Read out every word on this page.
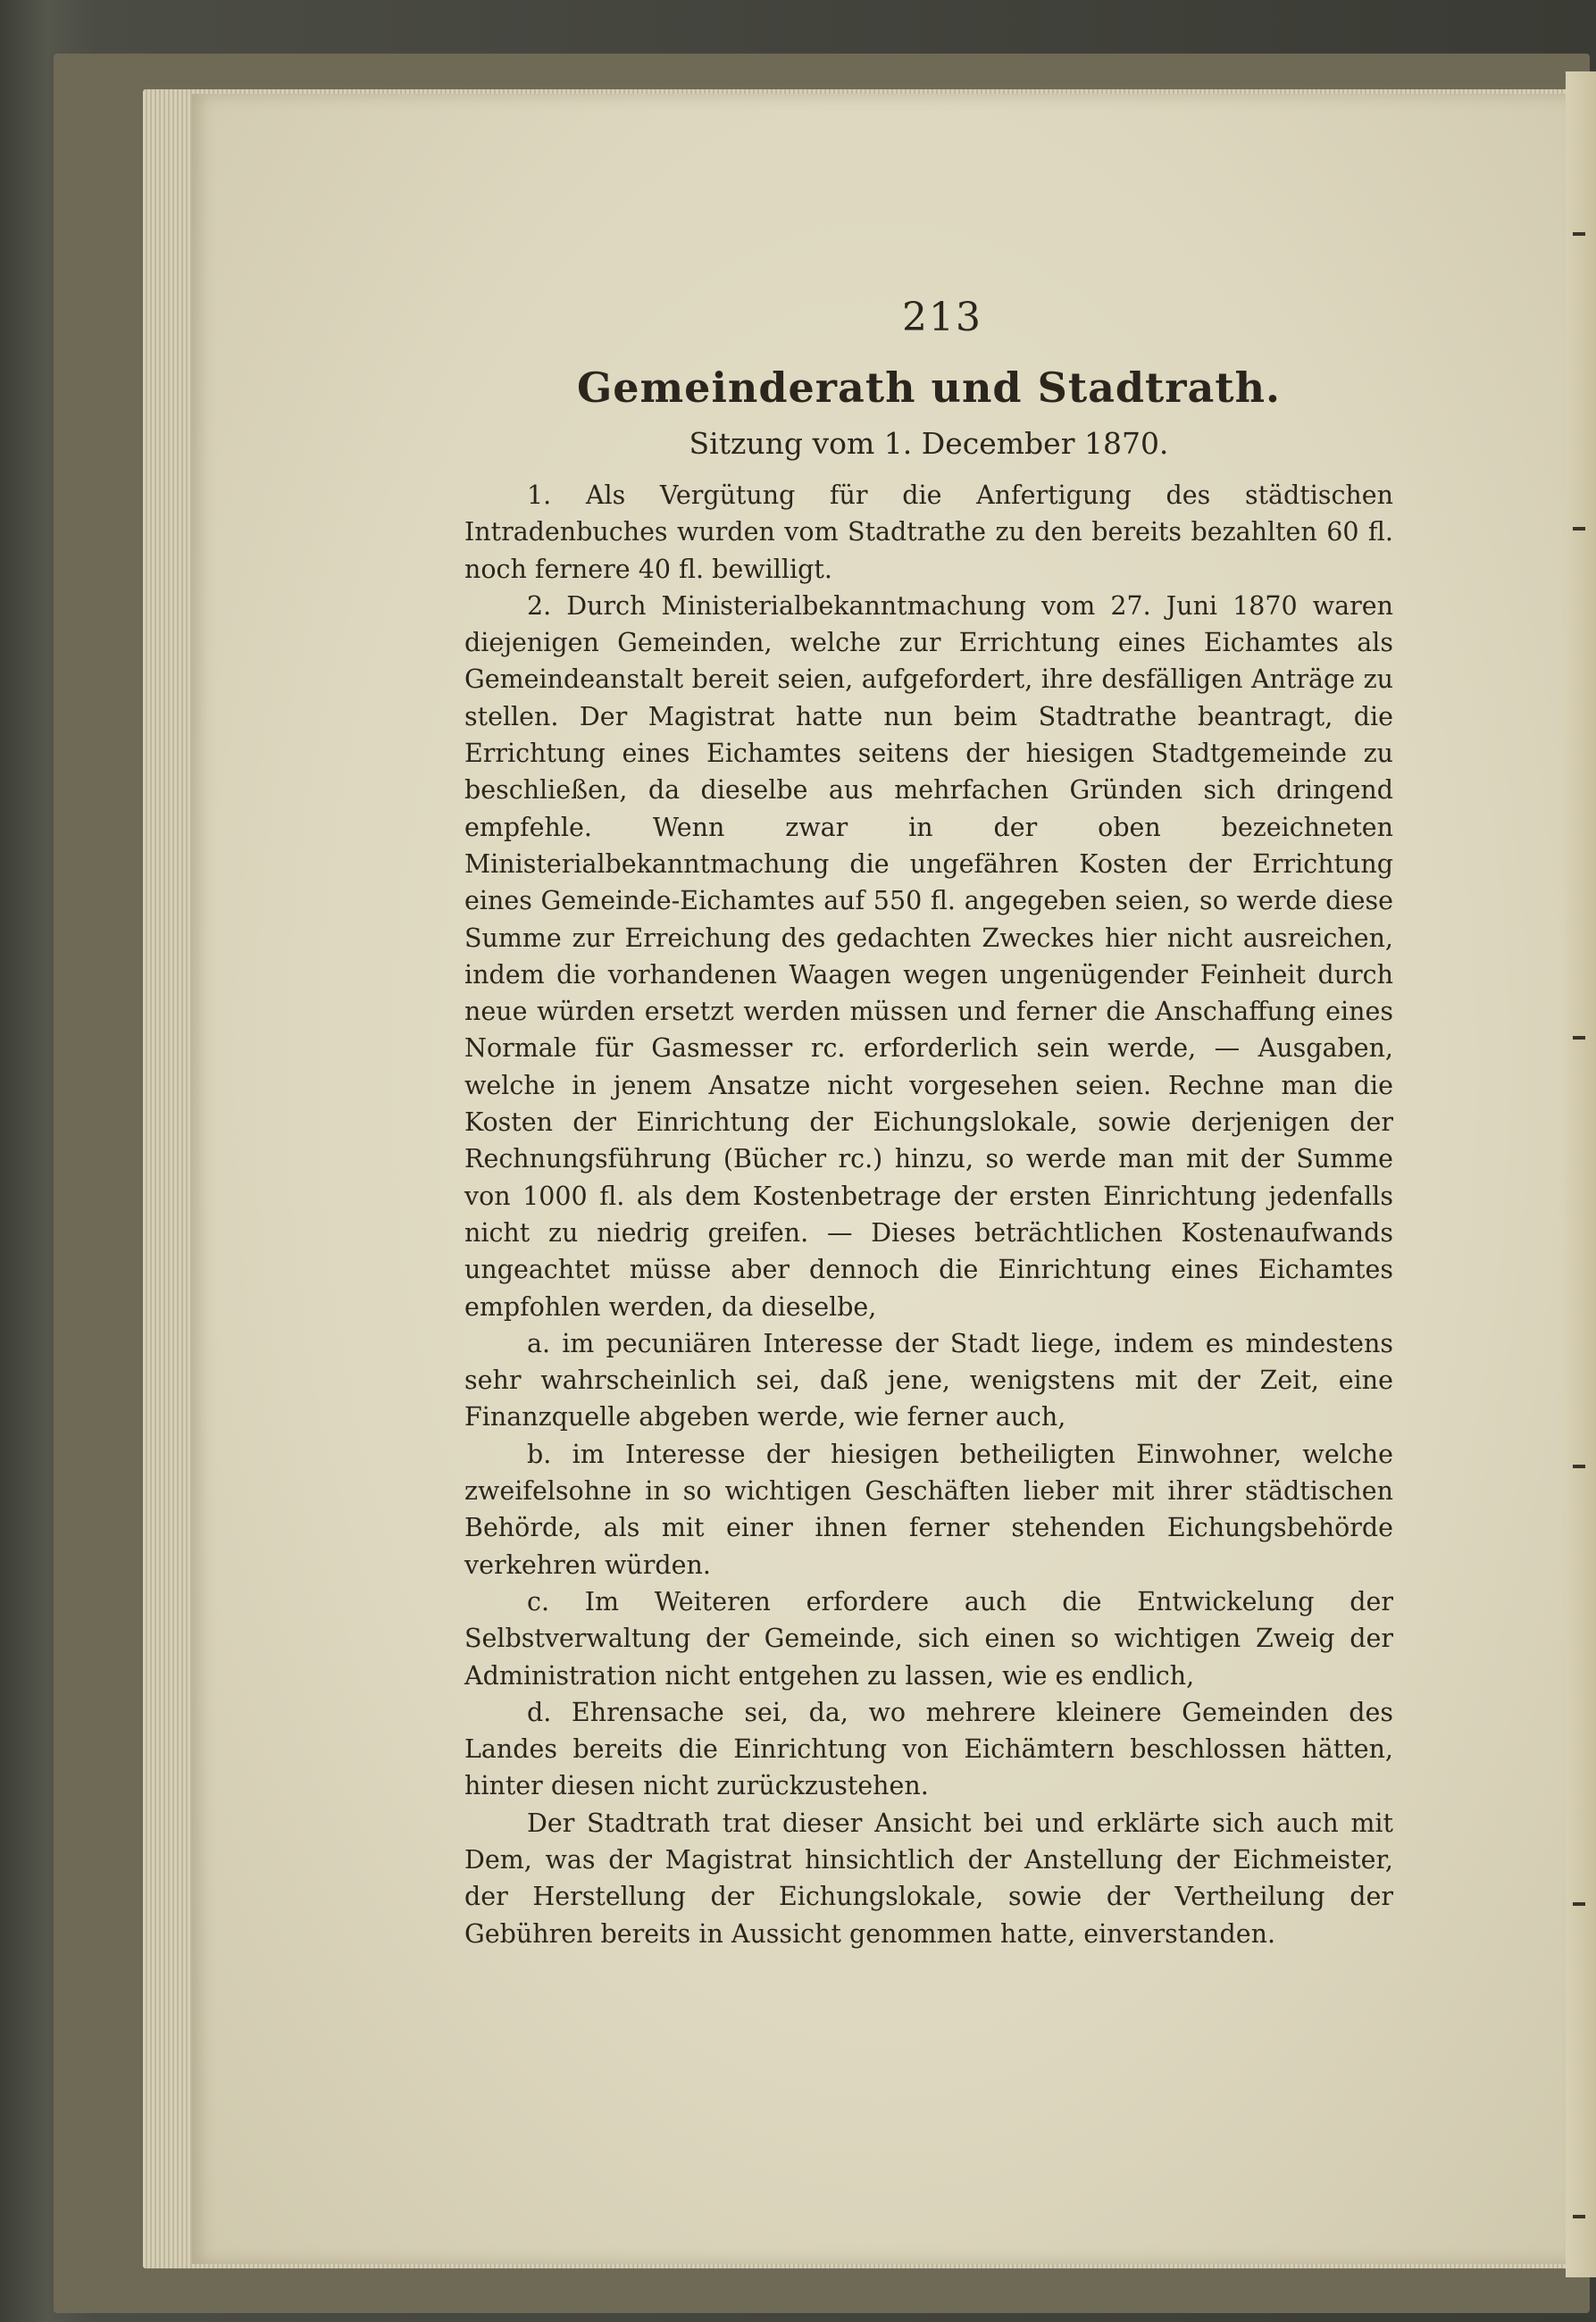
213
Gemeinderath und Stadtrath.
Sitzung vom 1. December 1870.

1. Als Vergütung für die Anfertigung des städtischen Intradenbuches wurden vom Stadtrathe zu den bereits bezahlten 60 fl. noch fernere 40 fl. bewilligt.

2. Durch Ministerialbekanntmachung vom 27. Juni 1870 waren diejenigen Gemeinden, welche zur Errichtung eines Eichamtes als Gemeindeanstalt bereit seien, aufgefordert, ihre desfälligen Anträge zu stellen. Der Magistrat hatte nun beim Stadtrathe beantragt, die Errichtung eines Eichamtes seitens der hiesigen Stadtgemeinde zu beschließen, da dieselbe aus mehrfachen Gründen sich dringend empfehle. Wenn zwar in der oben bezeichneten Ministerialbekanntmachung die ungefähren Kosten der Errichtung eines Gemeinde-Eichamtes auf 550 fl. angegeben seien, so werde diese Summe zur Erreichung des gedachten Zweckes hier nicht ausreichen, indem die vorhandenen Waagen wegen ungenügender Feinheit durch neue würden ersetzt werden müssen und ferner die Anschaffung eines Normale für Gasmesser rc. erforderlich sein werde, — Ausgaben, welche in jenem Ansatze nicht vorgesehen seien. Rechne man die Kosten der Einrichtung der Eichungslokale, sowie derjenigen der Rechnungsführung (Bücher rc.) hinzu, so werde man mit der Summe von 1000 fl. als dem Kostenbetrage der ersten Einrichtung jedenfalls nicht zu niedrig greifen. — Dieses beträchtlichen Kostenaufwands ungeachtet müsse aber dennoch die Einrichtung eines Eichamtes empfohlen werden, da dieselbe,

a. im pecuniären Interesse der Stadt liege, indem es mindestens sehr wahrscheinlich sei, daß jene, wenigstens mit der Zeit, eine Finanzquelle abgeben werde, wie ferner auch,

b. im Interesse der hiesigen betheiligten Einwohner, welche zweifelsohne in so wichtigen Geschäften lieber mit ihrer städtischen Behörde, als mit einer ihnen ferner stehenden Eichungsbehörde verkehren würden.

c. Im Weiteren erfordere auch die Entwickelung der Selbstverwaltung der Gemeinde, sich einen so wichtigen Zweig der Administration nicht entgehen zu lassen, wie es endlich,

d. Ehrensache sei, da, wo mehrere kleinere Gemeinden des Landes bereits die Einrichtung von Eichämtern beschlossen hätten, hinter diesen nicht zurückzustehen.

Der Stadtrath trat dieser Ansicht bei und erklärte sich auch mit Dem, was der Magistrat hinsichtlich der Anstellung der Eichmeister, der Herstellung der Eichungslokale, sowie der Vertheilung der Gebühren bereits in Aussicht genommen hatte, einverstanden.
